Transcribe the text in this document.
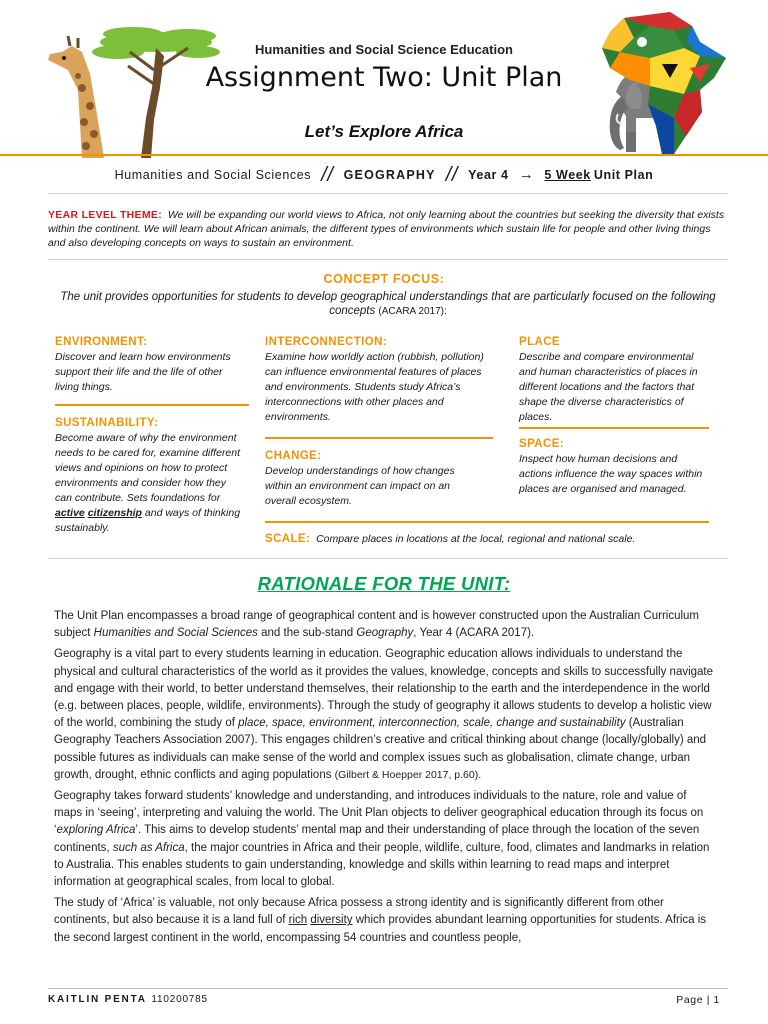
Humanities and Social Science Education
Assignment Two: Unit Plan
Let’s Explore Africa
Humanities and Social Sciences // GEOGRAPHY // Year 4 → 5 Week Unit Plan
YEAR LEVEL THEME: We will be expanding our world views to Africa, not only learning about the countries but seeking the diversity that exists within the continent. We will learn about African animals, the different types of environments which sustain life for people and other living things and also developing concepts on ways to sustain an environment.
CONCEPT FOCUS:
The unit provides opportunities for students to develop geographical understandings that are particularly focused on the following concepts (ACARA 2017):
ENVIRONMENT:
Discover and learn how environments support their life and the life of other living things.
SUSTAINABILITY:
Become aware of why the environment needs to be cared for, examine different views and opinions on how to protect environments and consider how they can contribute. Sets foundations for active citizenship and ways of thinking sustainably.
INTERCONNECTION:
Examine how worldly action (rubbish, pollution) can influence environmental features of places and environments. Students study Africa’s interconnections with other places and environments.
CHANGE:
Develop understandings of how changes within an environment can impact on an overall ecosystem.
PLACE
Describe and compare environmental and human characteristics of places in different locations and the factors that shape the diverse characteristics of places.
SPACE:
Inspect how human decisions and actions influence the way spaces within places are organised and managed.
SCALE: Compare places in locations at the local, regional and national scale.
RATIONALE FOR THE UNIT:

The Unit Plan encompasses a broad range of geographical content and is however constructed upon the Australian Curriculum subject Humanities and Social Sciences and the sub-stand Geography, Year 4 (ACARA 2017).

Geography is a vital part to every students learning in education. Geographic education allows individuals to understand the physical and cultural characteristics of the world as it provides the values, knowledge, concepts and skills to successfully navigate and engage with their world, to better understand themselves, their relationship to the earth and the interdependence in the world (e.g. between places, people, wildlife, environments). Through the study of geography it allows students to develop a holistic view of the world, combining the study of place, space, environment, interconnection, scale, change and sustainability (Australian Geography Teachers Association 2007). This engages children’s creative and critical thinking about change (locally/globally) and possible futures as individuals can make sense of the world and complex issues such as globalisation, climate change, urban growth, drought, ethnic conflicts and aging populations (Gilbert & Hoepper 2017, p.60).

Geography takes forward students’ knowledge and understanding, and introduces individuals to the nature, role and value of maps in ‘seeing’, interpreting and valuing the world. The Unit Plan objects to deliver geographical education through its focus on ‘exploring Africa’. This aims to develop students’ mental map and their understanding of place through the location of the seven continents, such as Africa, the major countries in Africa and their people, wildlife, culture, food, climates and landmarks in relation to Australia. This enables students to gain understanding, knowledge and skills within learning to read maps and interpret information at geographical scales, from local to global.

The study of ‘Africa’ is valuable, not only because Africa possess a strong identity and is significantly different from other continents, but also because it is a land full of rich diversity which provides abundant learning opportunities for students. Africa is the second largest continent in the world, encompassing 54 countries and countless people,

KAITLIN PENTA 110200785	Page | 1
